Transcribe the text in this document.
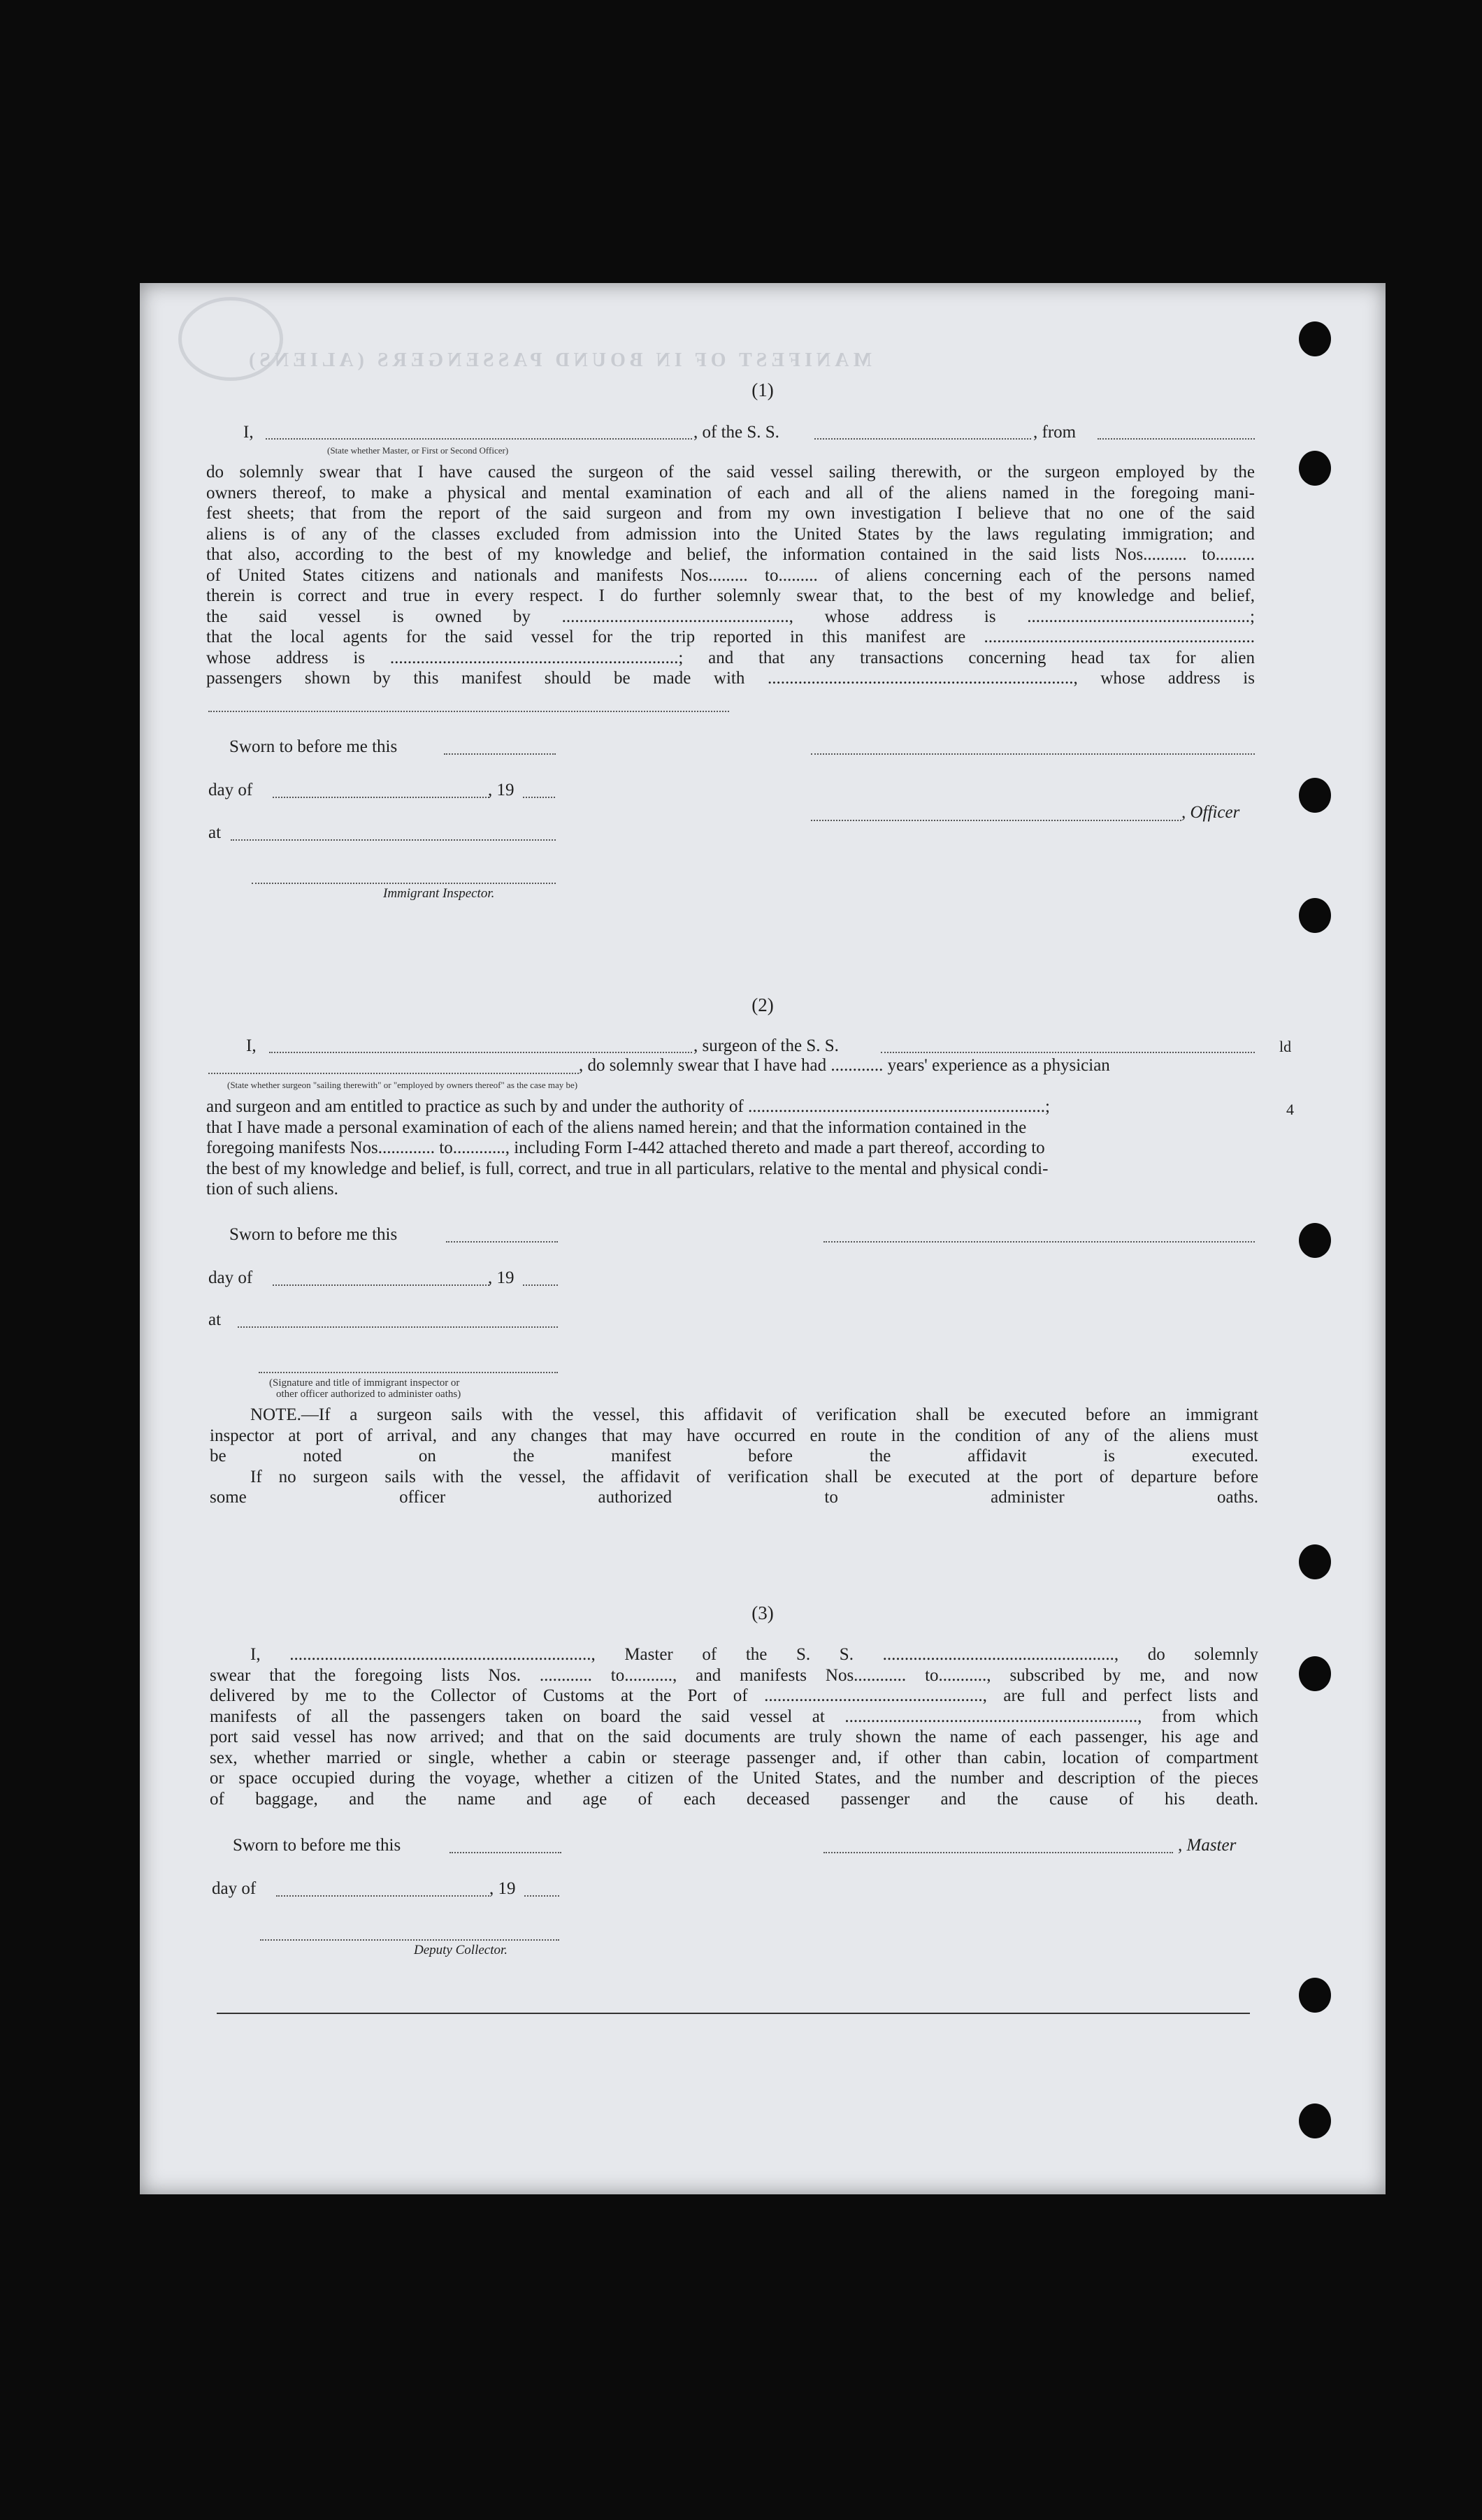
MANIFEST OF IN BOUND PASSENGERS (ALIENS)
ld
4
(1)
I,	, of the S. S.	, from
(State whether Master, or First or Second Officer)

do solemnly swear that I have caused the surgeon of the said vessel sailing therewith, or the surgeon employed by the

owners thereof, to make a physical and mental examination of each and all of the aliens named in the foregoing mani-

fest sheets; that from the report of the said surgeon and from my own investigation I believe that no one of the said

aliens is of any of the classes excluded from admission into the United States by the laws regulating immigration; and

that also, according to the best of my knowledge and belief, the information contained in the said lists Nos.......... to.........

of United States citizens and nationals and manifests Nos......... to......... of aliens concerning each of the persons named

therein is correct and true in every respect. I do further solemnly swear that, to the best of my knowledge and belief,

the said vessel is owned by ...................................................., whose address is ...................................................;

that the local agents for the said vessel for the trip reported in this manifest are ..............................................................

whose address is ..................................................................; and that any transactions concerning head tax for alien

passengers shown by this manifest should be made with ......................................................................, whose address is

Sworn to before me this
day of	, 19
, Officer
at
Immigrant Inspector.
(2)
I,	, surgeon of the S. S.
, do solemnly swear that I have had ............ years' experience as a physician
(State whether surgeon "sailing therewith" or "employed by owners thereof" as the case may be)

and surgeon and am entitled to practice as such by and under the authority of ....................................................................;

that I have made a personal examination of each of the aliens named herein; and that the information contained in the

foregoing manifests Nos............. to............, including Form I-442 attached thereto and made a part thereof, according to

the best of my knowledge and belief, is full, correct, and true in all particulars, relative to the mental and physical condi-

tion of such aliens.

Sworn to before me this
day of	, 19
at
(Signature and title of immigrant inspector or
other officer authorized to administer oaths)

NOTE.—If a surgeon sails with the vessel, this affidavit of verification shall be executed before an immigrant

inspector at port of arrival, and any changes that may have occurred en route in the condition of any of the aliens must

be noted on the manifest before the affidavit is executed.

If no surgeon sails with the vessel, the affidavit of verification shall be executed at the port of departure before

some officer authorized to administer oaths.

(3)

I, ....................................................................., Master of the S. S. ....................................................., do solemnly

swear that the foregoing lists Nos. ............ to..........., and manifests Nos............ to..........., subscribed by me, and now

delivered by me to the Collector of Customs at the Port of .................................................., are full and perfect lists and

manifests of all the passengers taken on board the said vessel at ..................................................................., from which

port said vessel has now arrived; and that on the said documents are truly shown the name of each passenger, his age and

sex, whether married or single, whether a cabin or steerage passenger and, if other than cabin, location of compartment

or space occupied during the voyage, whether a citizen of the United States, and the number and description of the pieces

of baggage, and the name and age of each deceased passenger and the cause of his death.

Sworn to before me this	, Master
day of	, 19
Deputy Collector.
